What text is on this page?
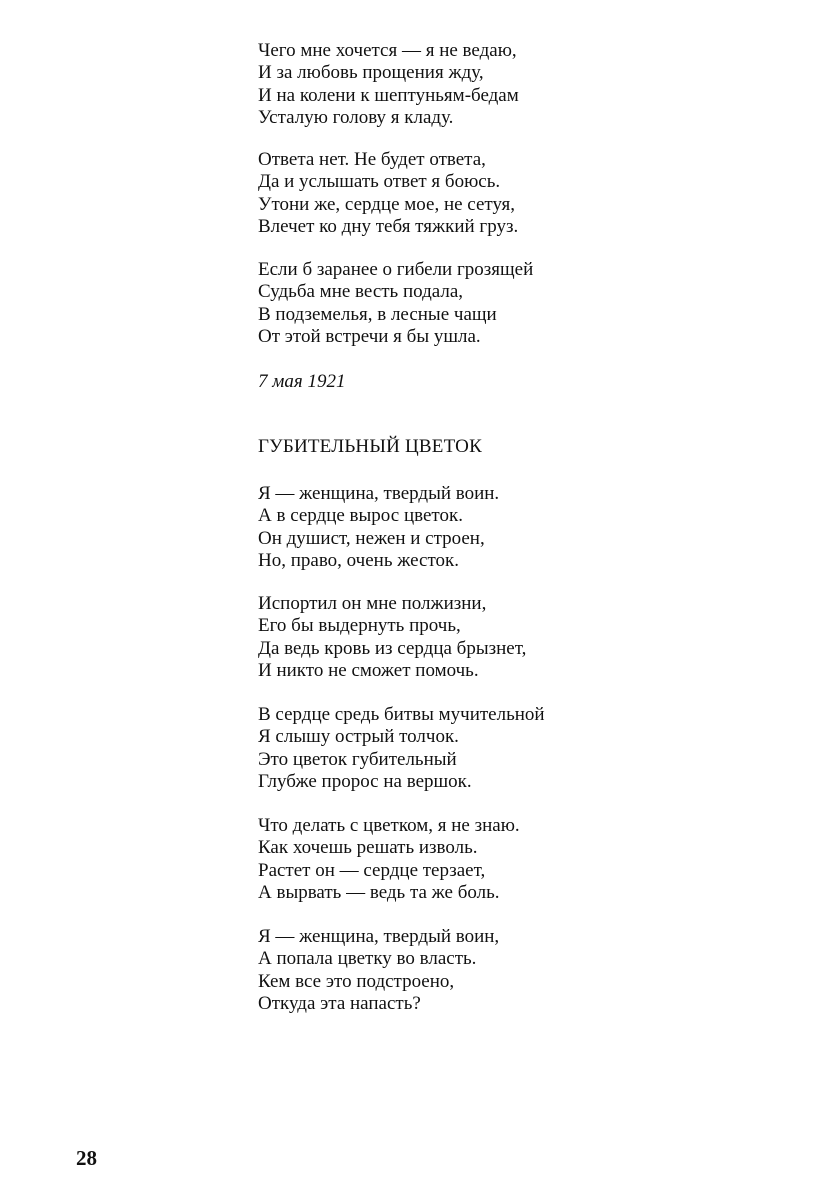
Чего мне хочется — я не ведаю,
И за любовь прощения жду,
И на колени к шептуньям-бедам
Усталую голову я кладу.
Ответа нет. Не будет ответа,
Да и услышать ответ я боюсь.
Утони же, сердце мое, не сетуя,
Влечет ко дну тебя тяжкий груз.
Если б заранее о гибели грозящей
Судьба мне весть подала,
В подземелья, в лесные чащи
От этой встречи я бы ушла.
7 мая 1921
ГУБИТЕЛЬНЫЙ ЦВЕТОК
Я — женщина, твердый воин.
А в сердце вырос цветок.
Он душист, нежен и строен,
Но, право, очень жесток.
Испортил он мне полжизни,
Его бы выдернуть прочь,
Да ведь кровь из сердца брызнет,
И никто не сможет помочь.
В сердце средь битвы мучительной
Я слышу острый толчок.
Это цветок губительный
Глубже пророс на вершок.
Что делать с цветком, я не знаю.
Как хочешь решать изволь.
Растет он — сердце терзает,
А вырвать — ведь та же боль.
Я — женщина, твердый воин,
А попала цветку во власть.
Кем все это подстроено,
Откуда эта напасть?
28
